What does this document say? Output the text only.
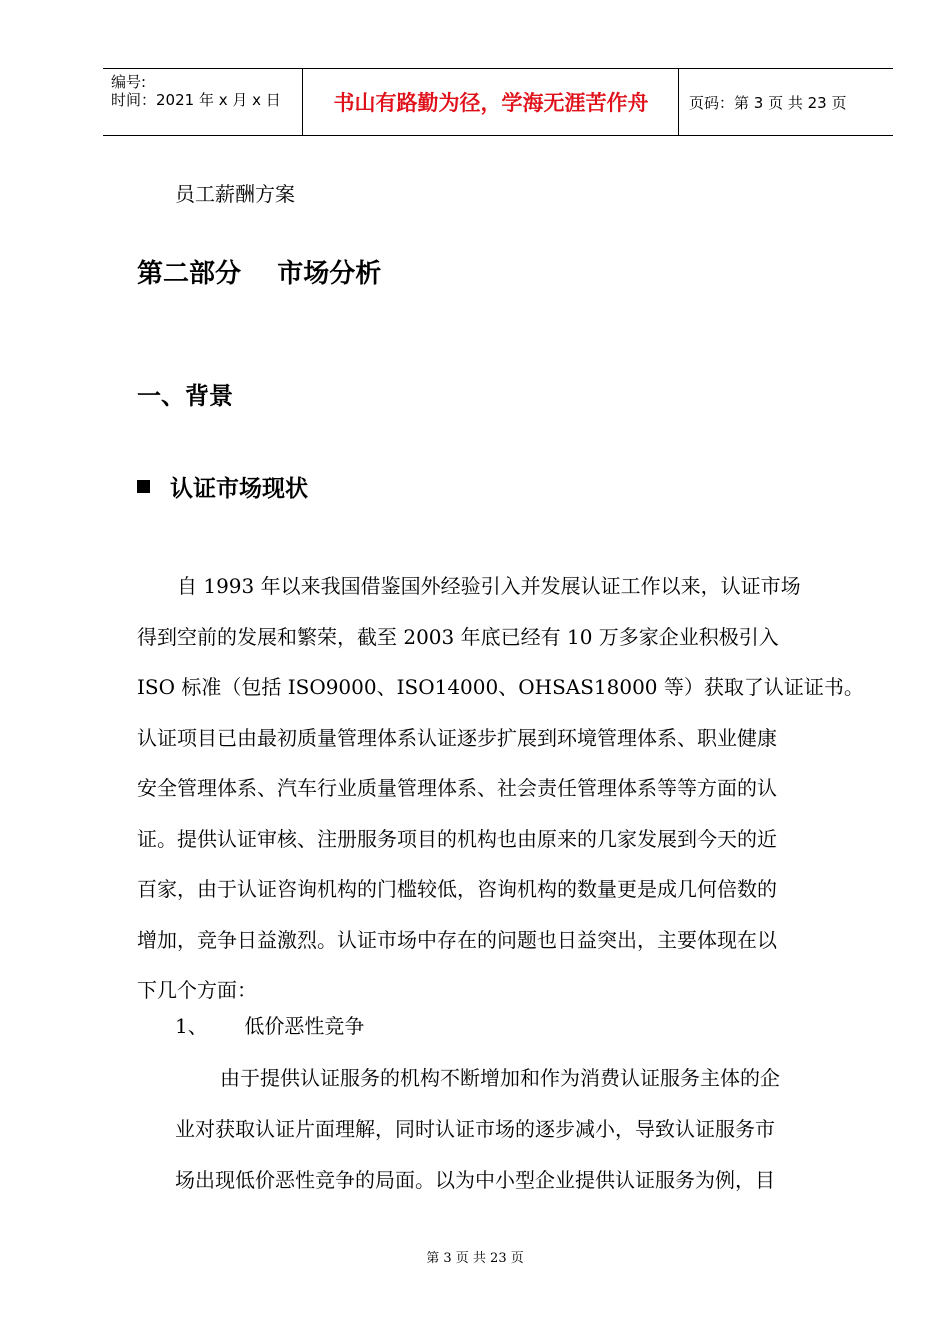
编号:
时间：2021 年 x 月 x 日	书山有路勤为径，学海无涯苦作舟	页码：第 3 页 共 23 页
员工薪酬方案
第二部分    市场分析
一、背景
认证市场现状
自 1993 年以来我国借鉴国外经验引入并发展认证工作以来，认证市场
得到空前的发展和繁荣，截至 2003 年底已经有 10 万多家企业积极引入
ISO 标准（包括 ISO9000、ISO14000、OHSAS18000 等）获取了认证证书。
认证项目已由最初质量管理体系认证逐步扩展到环境管理体系、职业健康
安全管理体系、汽车行业质量管理体系、社会责任管理体系等等方面的认
证。提供认证审核、注册服务项目的机构也由原来的几家发展到今天的近
百家，由于认证咨询机构的门槛较低，咨询机构的数量更是成几何倍数的
增加，竞争日益激烈。认证市场中存在的问题也日益突出，主要体现在以
下几个方面：
1、 低价恶性竞争
由于提供认证服务的机构不断增加和作为消费认证服务主体的企
业对获取认证片面理解，同时认证市场的逐步减小，导致认证服务市
场出现低价恶性竞争的局面。以为中小型企业提供认证服务为例，目
第 3 页 共 23 页
